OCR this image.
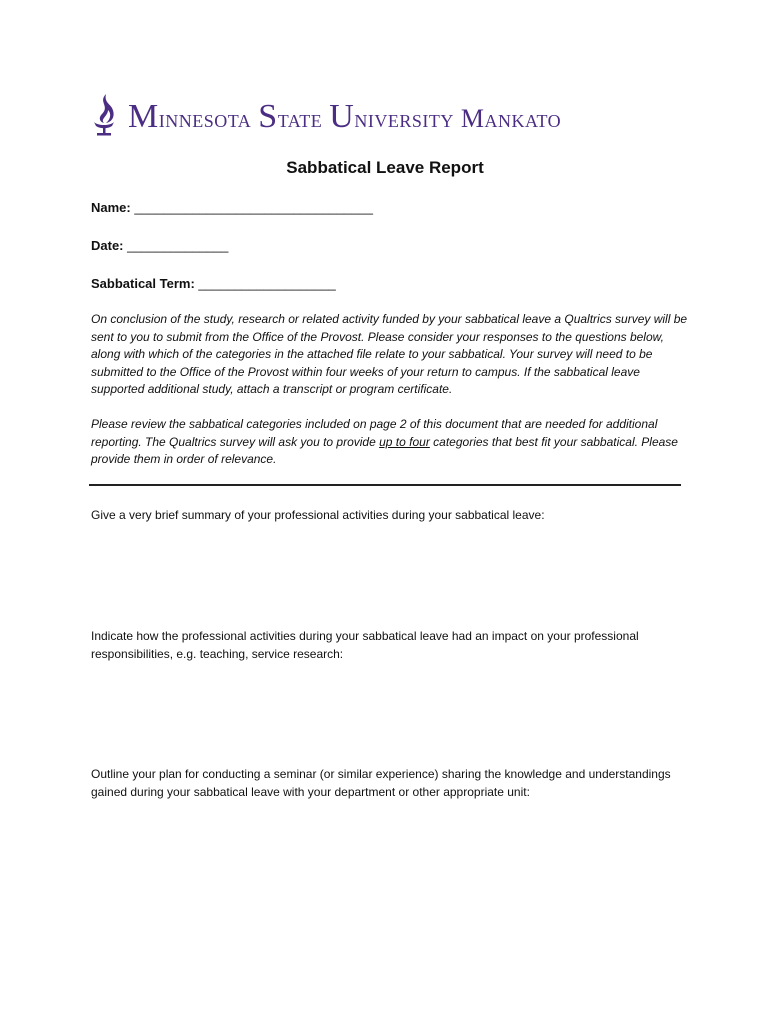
Minnesota State University Mankato
Sabbatical Leave Report
Name: _________________________________
Date: ______________
Sabbatical Term: ___________________
On conclusion of the study, research or related activity funded by your sabbatical leave a Qualtrics survey will be sent to you to submit from the Office of the Provost. Please consider your responses to the questions below, along with which of the categories in the attached file relate to your sabbatical. Your survey will need to be submitted to the Office of the Provost within four weeks of your return to campus. If the sabbatical leave supported additional study, attach a transcript or program certificate.
Please review the sabbatical categories included on page 2 of this document that are needed for additional reporting. The Qualtrics survey will ask you to provide up to four categories that best fit your sabbatical. Please provide them in order of relevance.
Give a very brief summary of your professional activities during your sabbatical leave:
Indicate how the professional activities during your sabbatical leave had an impact on your professional responsibilities, e.g. teaching, service research:
Outline your plan for conducting a seminar (or similar experience) sharing the knowledge and understandings gained during your sabbatical leave with your department or other appropriate unit:
